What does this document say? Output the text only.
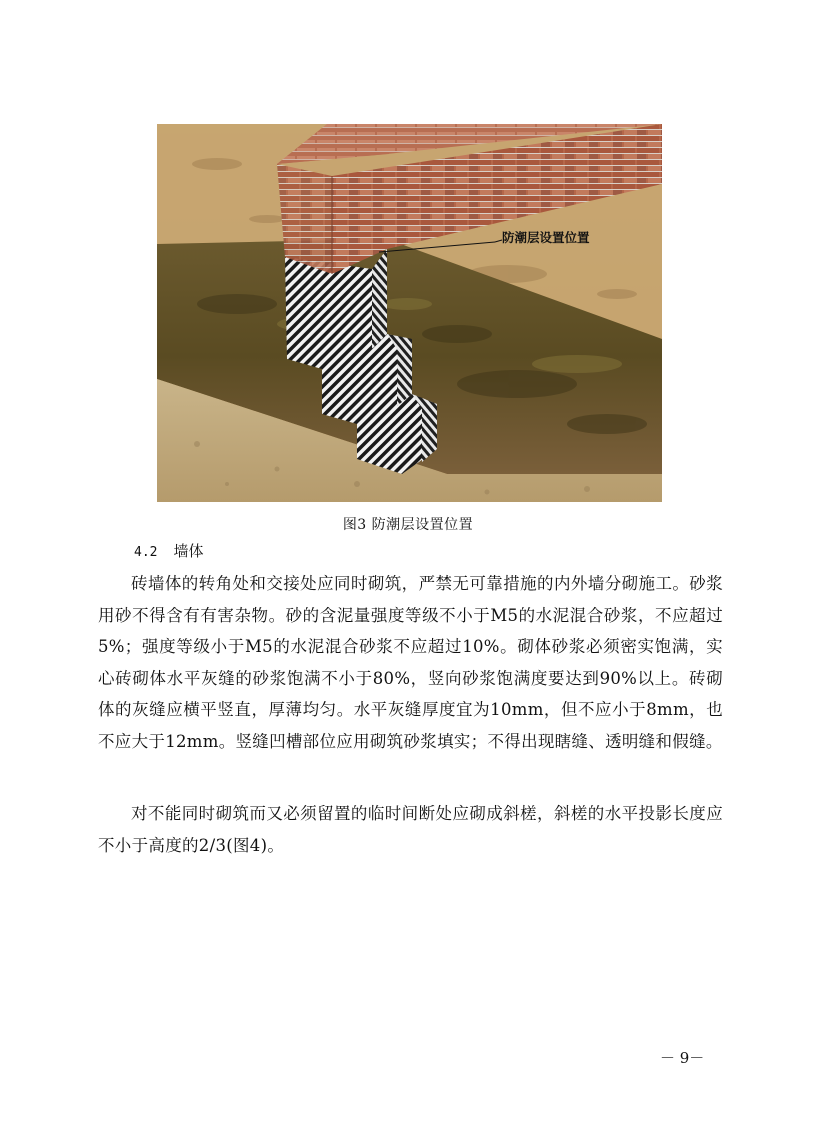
防潮层设置位置
图3 防潮层设置位置
4.2 墙体

砖墙体的转角处和交接处应同时砌筑，严禁无可靠措施的内外墙分砌施工。砂浆用砂不得含有有害杂物。砂的含泥量强度等级不小于M5的水泥混合砂浆，不应超过5%；强度等级小于M5的水泥混合砂浆不应超过10%。砌体砂浆必须密实饱满，实心砖砌体水平灰缝的砂浆饱满不小于80%，竖向砂浆饱满度要达到90%以上。砖砌体的灰缝应横平竖直，厚薄均匀。水平灰缝厚度宜为10mm，但不应小于8mm，也不应大于12mm。竖缝凹槽部位应用砌筑砂浆填实；不得出现瞎缝、透明缝和假缝。

对不能同时砌筑而又必须留置的临时间断处应砌成斜槎，斜槎的水平投影长度应不小于高度的2/3(图4)。

－ 9－
